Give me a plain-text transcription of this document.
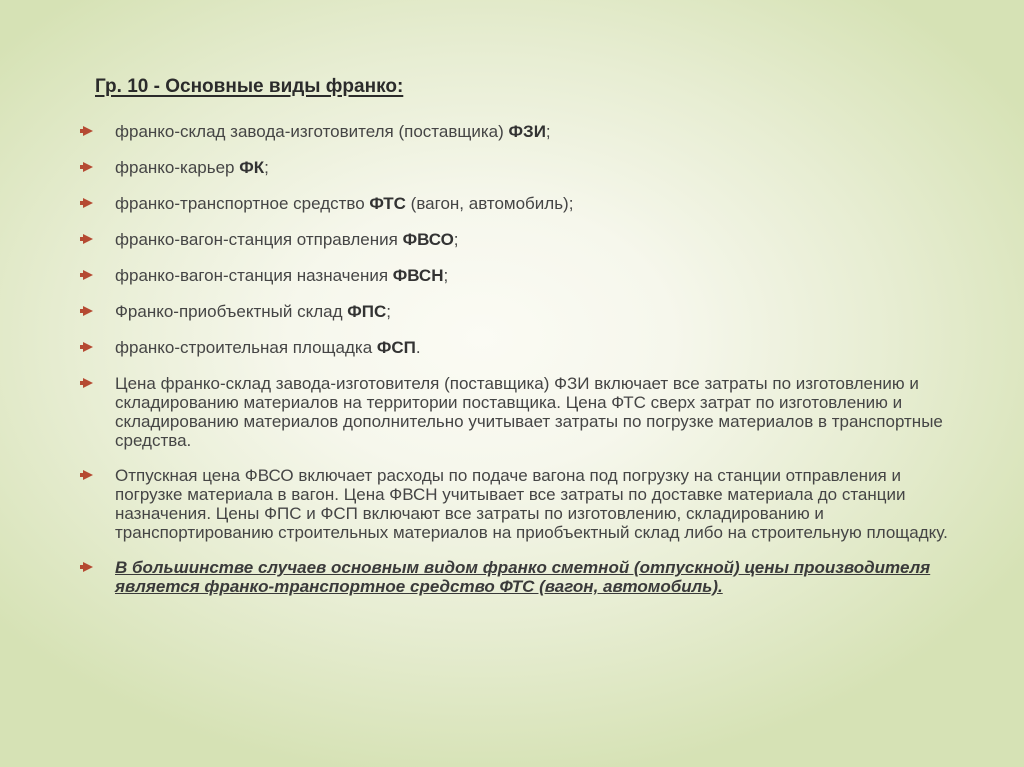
Гр. 10 - Основные виды франко:
франко-склад завода-изготовителя (поставщика) ФЗИ;
франко-карьер ФК;
франко-транспортное средство ФТС (вагон, автомобиль);
франко-вагон-станция отправления ФВСО;
франко-вагон-станция назначения ФВСН;
Франко-приобъектный склад ФПС;
франко-строительная площадка ФСП.
Цена франко-склад завода-изготовителя (поставщика) ФЗИ включает все затраты по изготовлению и складированию материалов на территории поставщика. Цена ФТС сверх затрат по изготовлению и складированию материалов дополнительно учитывает затраты по погрузке материалов в транспортные средства.
Отпускная цена ФВСО включает расходы по подаче вагона под погрузку на станции отправления и погрузке материала в вагон. Цена ФВСН учитывает все затраты по доставке материала до станции назначения. Цены ФПС и ФСП включают все затраты по изготовлению, складированию и транспортированию строительных материалов на приобъектный склад либо на строительную площадку.
В большинстве случаев основным видом франко сметной (отпускной) цены производителя является франко-транспортное средство ФТС (вагон, автомобиль).
